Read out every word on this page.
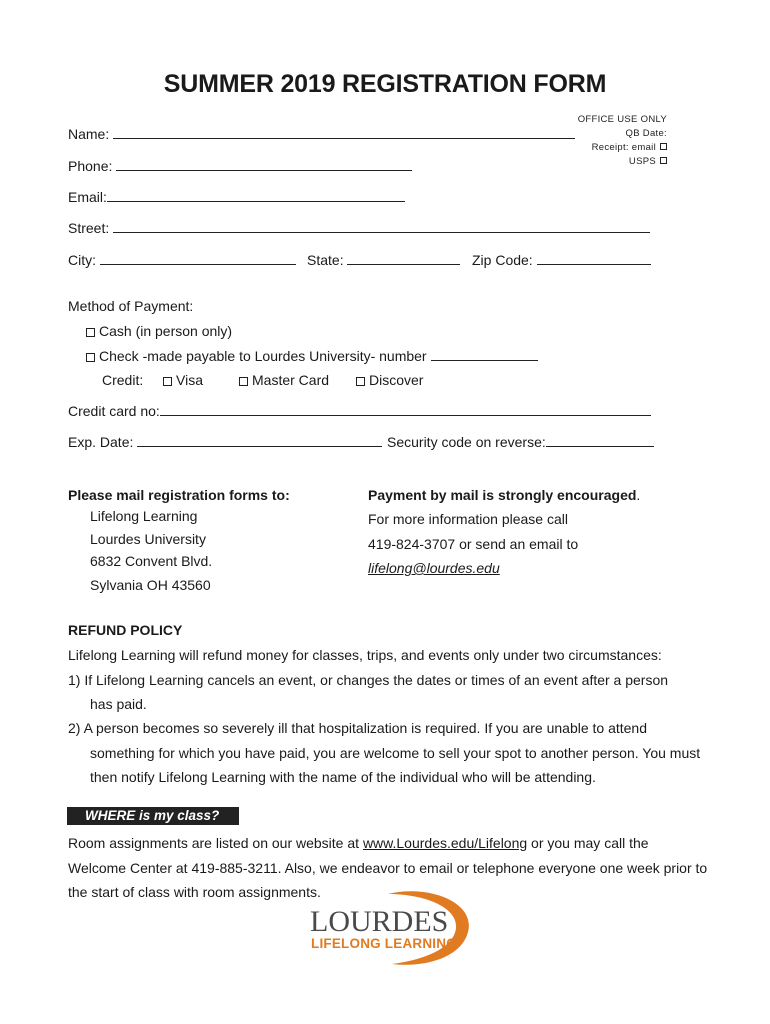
SUMMER 2019 REGISTRATION FORM
OFFICE USE ONLY
QB Date:
Receipt: email
USPS
Name:
Phone:
Email:
Street:
City:	State:	Zip Code:
Method of Payment:
Cash (in person only)
Check -made payable to Lourdes University- number
Credit:	Visa	Master Card	Discover
Credit card no:
Exp. Date:	Security code on reverse:
Please mail registration forms to:
Lifelong Learning
Lourdes University
6832 Convent Blvd.
Sylvania OH 43560
Payment by mail is strongly encouraged.
For more information please call
419-824-3707 or send an email to
lifelong@lourdes.edu
REFUND POLICY
Lifelong Learning will refund money for classes, trips, and events only under two circumstances:
1) If Lifelong Learning cancels an event, or changes the dates or times of an event after a person
has paid.
2) A person becomes so severely ill that hospitalization is required. If you are unable to attend
something for which you have paid, you are welcome to sell your spot to another person. You must
then notify Lifelong Learning with the name of the individual who will be attending.
WHERE is my class?
Room assignments are listed on our website at www.Lourdes.edu/Lifelong or you may call the
Welcome Center at 419-885-3211. Also, we endeavor to email or telephone everyone one week prior to
the start of class with room assignments.
LOURDES
LIFELONG LEARNING
